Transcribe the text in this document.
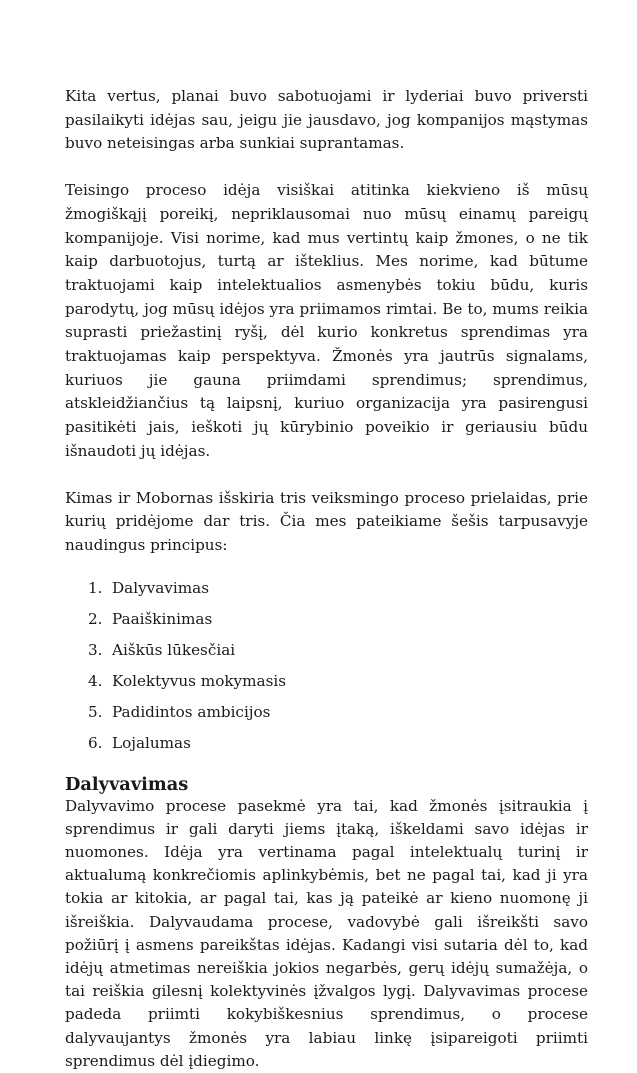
Kita vertus, planai buvo sabotuojami ir lyderiai buvo priversti pasilaikyti idėjas sau, jeigu jie jausdavo, jog kompanijos mąstymas buvo neteisingas arba sunkiai suprantamas.

Teisingo proceso idėja visiškai atitinka kiekvieno iš mūsų žmogiškąjį poreikį, nepriklausomai nuo mūsų einamų pareigų kompanijoje. Visi norime, kad mus vertintų kaip žmones, o ne tik kaip darbuotojus, turtą ar išteklius. Mes norime, kad būtume traktuojami kaip intelektualios asmenybės tokiu būdu, kuris parodytų, jog mūsų idėjos yra priimamos rimtai. Be to, mums reikia suprasti priežastinį ryšį, dėl kurio konkretus sprendimas yra traktuojamas kaip perspektyva. Žmonės yra jautrūs signalams, kuriuos jie gauna priimdami sprendimus; sprendimus, atskleidžiančius tą laipsnį, kuriuo organizacija yra pasirengusi pasitikėti jais, ieškoti jų kūrybinio poveikio ir geriausiu būdu išnaudoti jų idėjas.

Kimas ir Mobornas išskiria tris veiksmingo proceso prielaidas, prie kurių pridėjome dar tris. Čia mes pateikiame šešis tarpusavyje naudingus principus:

1. Dalyvavimas
2. Paaiškinimas
3. Aiškūs lūkesčiai
4. Kolektyvus mokymasis
5. Padidintos ambicijos
6. Lojalumas
Dalyvavimas

Dalyvavimo procese pasekmė yra tai, kad žmonės įsitraukia į sprendimus ir gali daryti jiems įtaką, iškeldami savo idėjas ir nuomones. Idėja yra vertinama pagal intelektualų turinį ir aktualumą konkrečiomis aplinkybėmis, bet ne pagal tai, kad ji yra tokia ar kitokia, ar pagal tai, kas ją pateikė ar kieno nuomonę ji išreiškia. Dalyvaudama procese, vadovybė gali išreikšti savo požiūrį į asmens pareikštas idėjas. Kadangi visi sutaria dėl to, kad idėjų atmetimas nereiškia jokios negarbės, gerų idėjų sumažėja, o tai reiškia gilesnį kolektyvinės įžvalgos lygį. Dalyvavimas procese padeda priimti kokybiškesnius sprendimus, o procese dalyvaujantys žmonės yra labiau linkę įsipareigoti priimti sprendimus dėl įdiegimo.
